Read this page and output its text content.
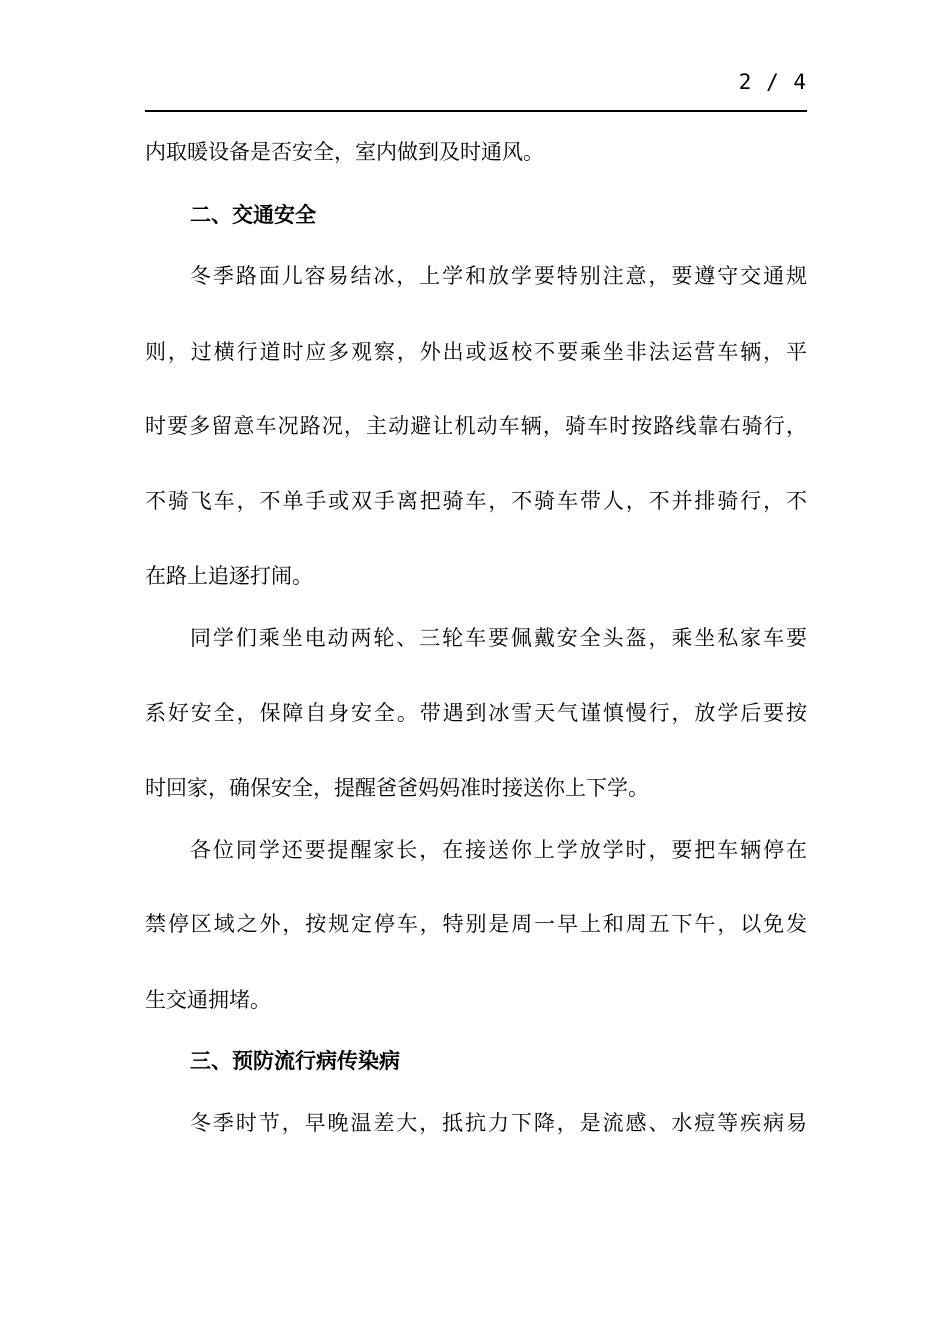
2 / 4
内取暖设备是否安全，室内做到及时通风。
二、交通安全
冬季路面儿容易结冰，上学和放学要特别注意，要遵守交通规
则，过横行道时应多观察，外出或返校不要乘坐非法运营车辆，平
时要多留意车况路况，主动避让机动车辆，骑车时按路线靠右骑行，
不骑飞车，不单手或双手离把骑车，不骑车带人，不并排骑行，不
在路上追逐打闹。
同学们乘坐电动两轮、三轮车要佩戴安全头盔，乘坐私家车要
系好安全，保障自身安全。带遇到冰雪天气谨慎慢行，放学后要按
时回家，确保安全，提醒爸爸妈妈准时接送你上下学。
各位同学还要提醒家长，在接送你上学放学时，要把车辆停在
禁停区域之外，按规定停车，特别是周一早上和周五下午，以免发
生交通拥堵。
三、预防流行病传染病
冬季时节，早晚温差大，抵抗力下降，是流感、水痘等疾病易
